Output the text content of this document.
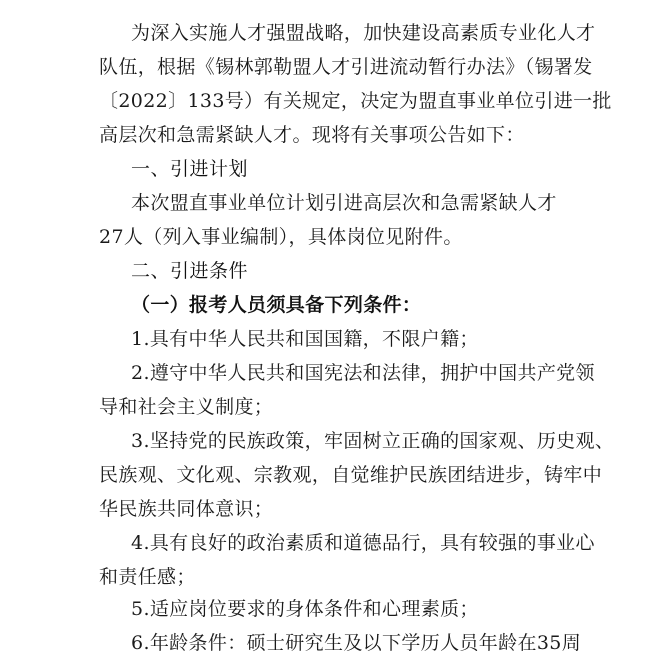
为深入实施人才强盟战略，加快建设高素质专业化人才
队伍，根据《锡林郭勒盟人才引进流动暂行办法》（锡署发
〔2022〕133号）有关规定，决定为盟直事业单位引进一批
高层次和急需紧缺人才。现将有关事项公告如下：
一、引进计划
本次盟直事业单位计划引进高层次和急需紧缺人才
27人（列入事业编制），具体岗位见附件。
二、引进条件
（一）报考人员须具备下列条件：
1.具有中华人民共和国国籍，不限户籍；
2.遵守中华人民共和国宪法和法律，拥护中国共产党领
导和社会主义制度；
3.坚持党的民族政策，牢固树立正确的国家观、历史观、
民族观、文化观、宗教观，自觉维护民族团结进步，铸牢中
华民族共同体意识；
4.具有良好的政治素质和道德品行，具有较强的事业心
和责任感；
5.适应岗位要求的身体条件和心理素质；
6.年龄条件：硕士研究生及以下学历人员年龄在35周
